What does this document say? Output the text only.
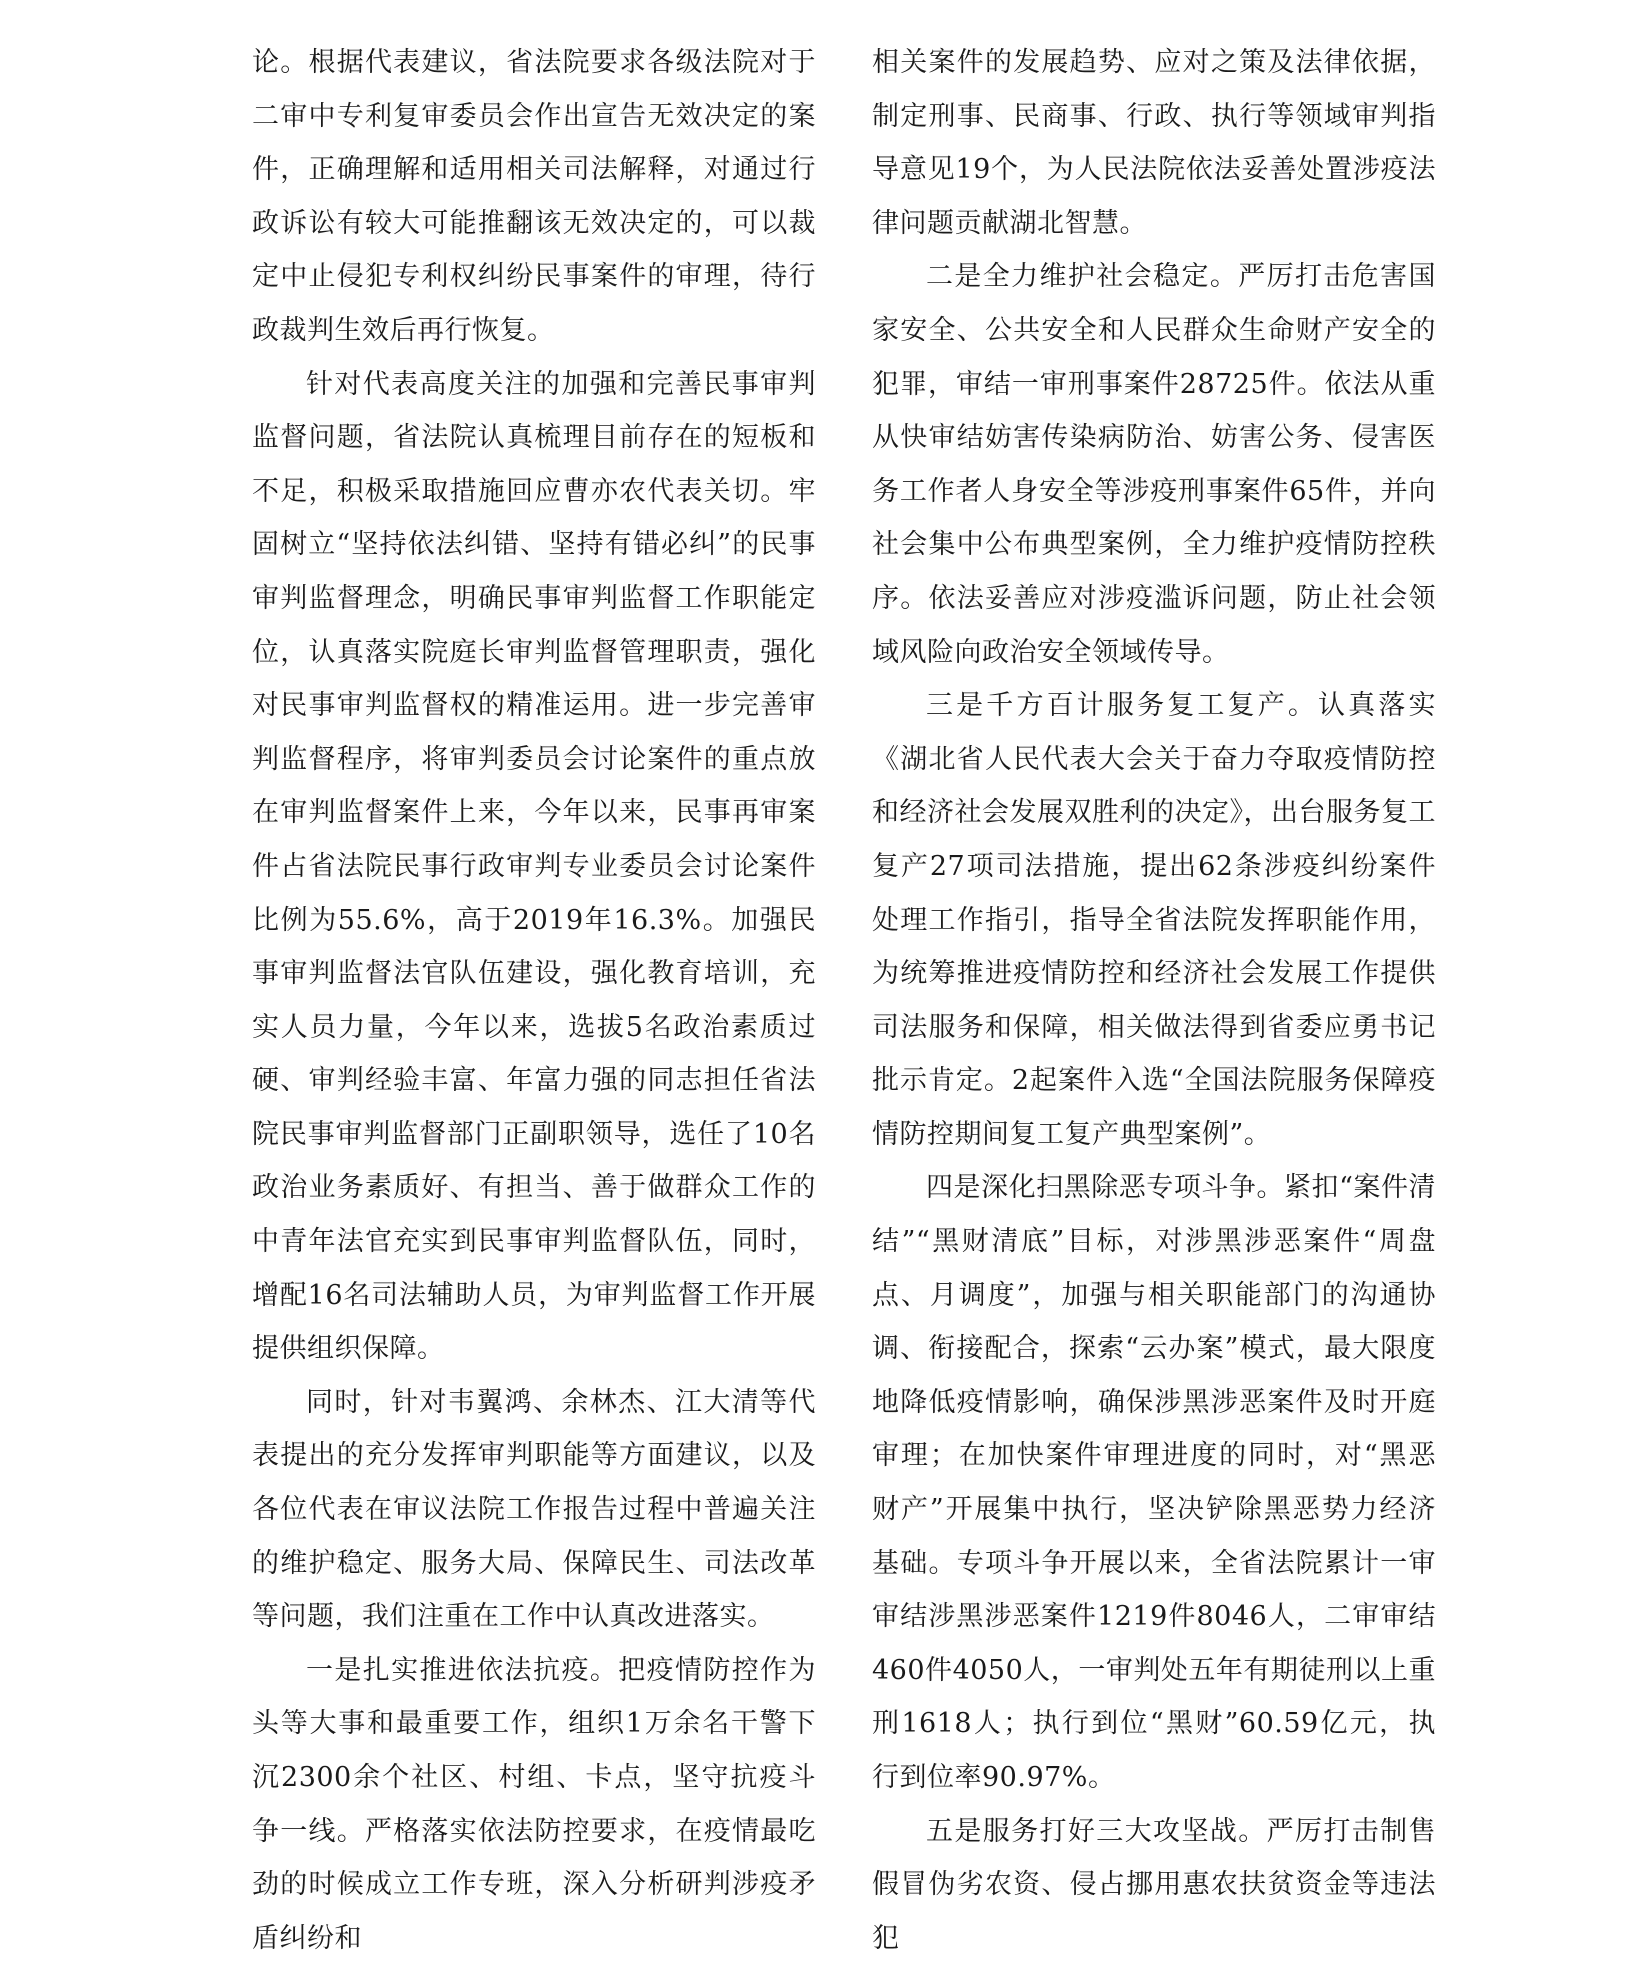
论。根据代表建议，省法院要求各级法院对于二审中专利复审委员会作出宣告无效决定的案件，正确理解和适用相关司法解释，对通过行政诉讼有较大可能推翻该无效决定的，可以裁定中止侵犯专利权纠纷民事案件的审理，待行政裁判生效后再行恢复。

针对代表高度关注的加强和完善民事审判监督问题，省法院认真梳理目前存在的短板和不足，积极采取措施回应曹亦农代表关切。牢固树立“坚持依法纠错、坚持有错必纠”的民事审判监督理念，明确民事审判监督工作职能定位，认真落实院庭长审判监督管理职责，强化对民事审判监督权的精准运用。进一步完善审判监督程序，将审判委员会讨论案件的重点放在审判监督案件上来，今年以来，民事再审案件占省法院民事行政审判专业委员会讨论案件比例为55.6%，高于2019年16.3%。加强民事审判监督法官队伍建设，强化教育培训，充实人员力量，今年以来，选拔5名政治素质过硬、审判经验丰富、年富力强的同志担任省法院民事审判监督部门正副职领导，选任了10名政治业务素质好、有担当、善于做群众工作的中青年法官充实到民事审判监督队伍，同时，增配16名司法辅助人员，为审判监督工作开展提供组织保障。

同时，针对韦翼鸿、余林杰、江大清等代表提出的充分发挥审判职能等方面建议，以及各位代表在审议法院工作报告过程中普遍关注的维护稳定、服务大局、保障民生、司法改革等问题，我们注重在工作中认真改进落实。

一是扎实推进依法抗疫。把疫情防控作为头等大事和最重要工作，组织1万余名干警下沉2300余个社区、村组、卡点，坚守抗疫斗争一线。严格落实依法防控要求，在疫情最吃劲的时候成立工作专班，深入分析研判涉疫矛盾纠纷和

相关案件的发展趋势、应对之策及法律依据，制定刑事、民商事、行政、执行等领域审判指导意见19个，为人民法院依法妥善处置涉疫法律问题贡献湖北智慧。

二是全力维护社会稳定。严厉打击危害国家安全、公共安全和人民群众生命财产安全的犯罪，审结一审刑事案件28725件。依法从重从快审结妨害传染病防治、妨害公务、侵害医务工作者人身安全等涉疫刑事案件65件，并向社会集中公布典型案例，全力维护疫情防控秩序。依法妥善应对涉疫滥诉问题，防止社会领域风险向政治安全领域传导。

三是千方百计服务复工复产。认真落实《湖北省人民代表大会关于奋力夺取疫情防控和经济社会发展双胜利的决定》，出台服务复工复产27项司法措施，提出62条涉疫纠纷案件处理工作指引，指导全省法院发挥职能作用，为统筹推进疫情防控和经济社会发展工作提供司法服务和保障，相关做法得到省委应勇书记批示肯定。2起案件入选“全国法院服务保障疫情防控期间复工复产典型案例”。

四是深化扫黑除恶专项斗争。紧扣“案件清结”“黑财清底”目标，对涉黑涉恶案件“周盘点、月调度”，加强与相关职能部门的沟通协调、衔接配合，探索“云办案”模式，最大限度地降低疫情影响，确保涉黑涉恶案件及时开庭审理；在加快案件审理进度的同时，对“黑恶财产”开展集中执行，坚决铲除黑恶势力经济基础。专项斗争开展以来，全省法院累计一审审结涉黑涉恶案件1219件8046人，二审审结460件4050人，一审判处五年有期徒刑以上重刑1618人；执行到位“黑财”60.59亿元，执行到位率90.97%。

五是服务打好三大攻坚战。严厉打击制售假冒伪劣农资、侵占挪用惠农扶贫资金等违法犯
